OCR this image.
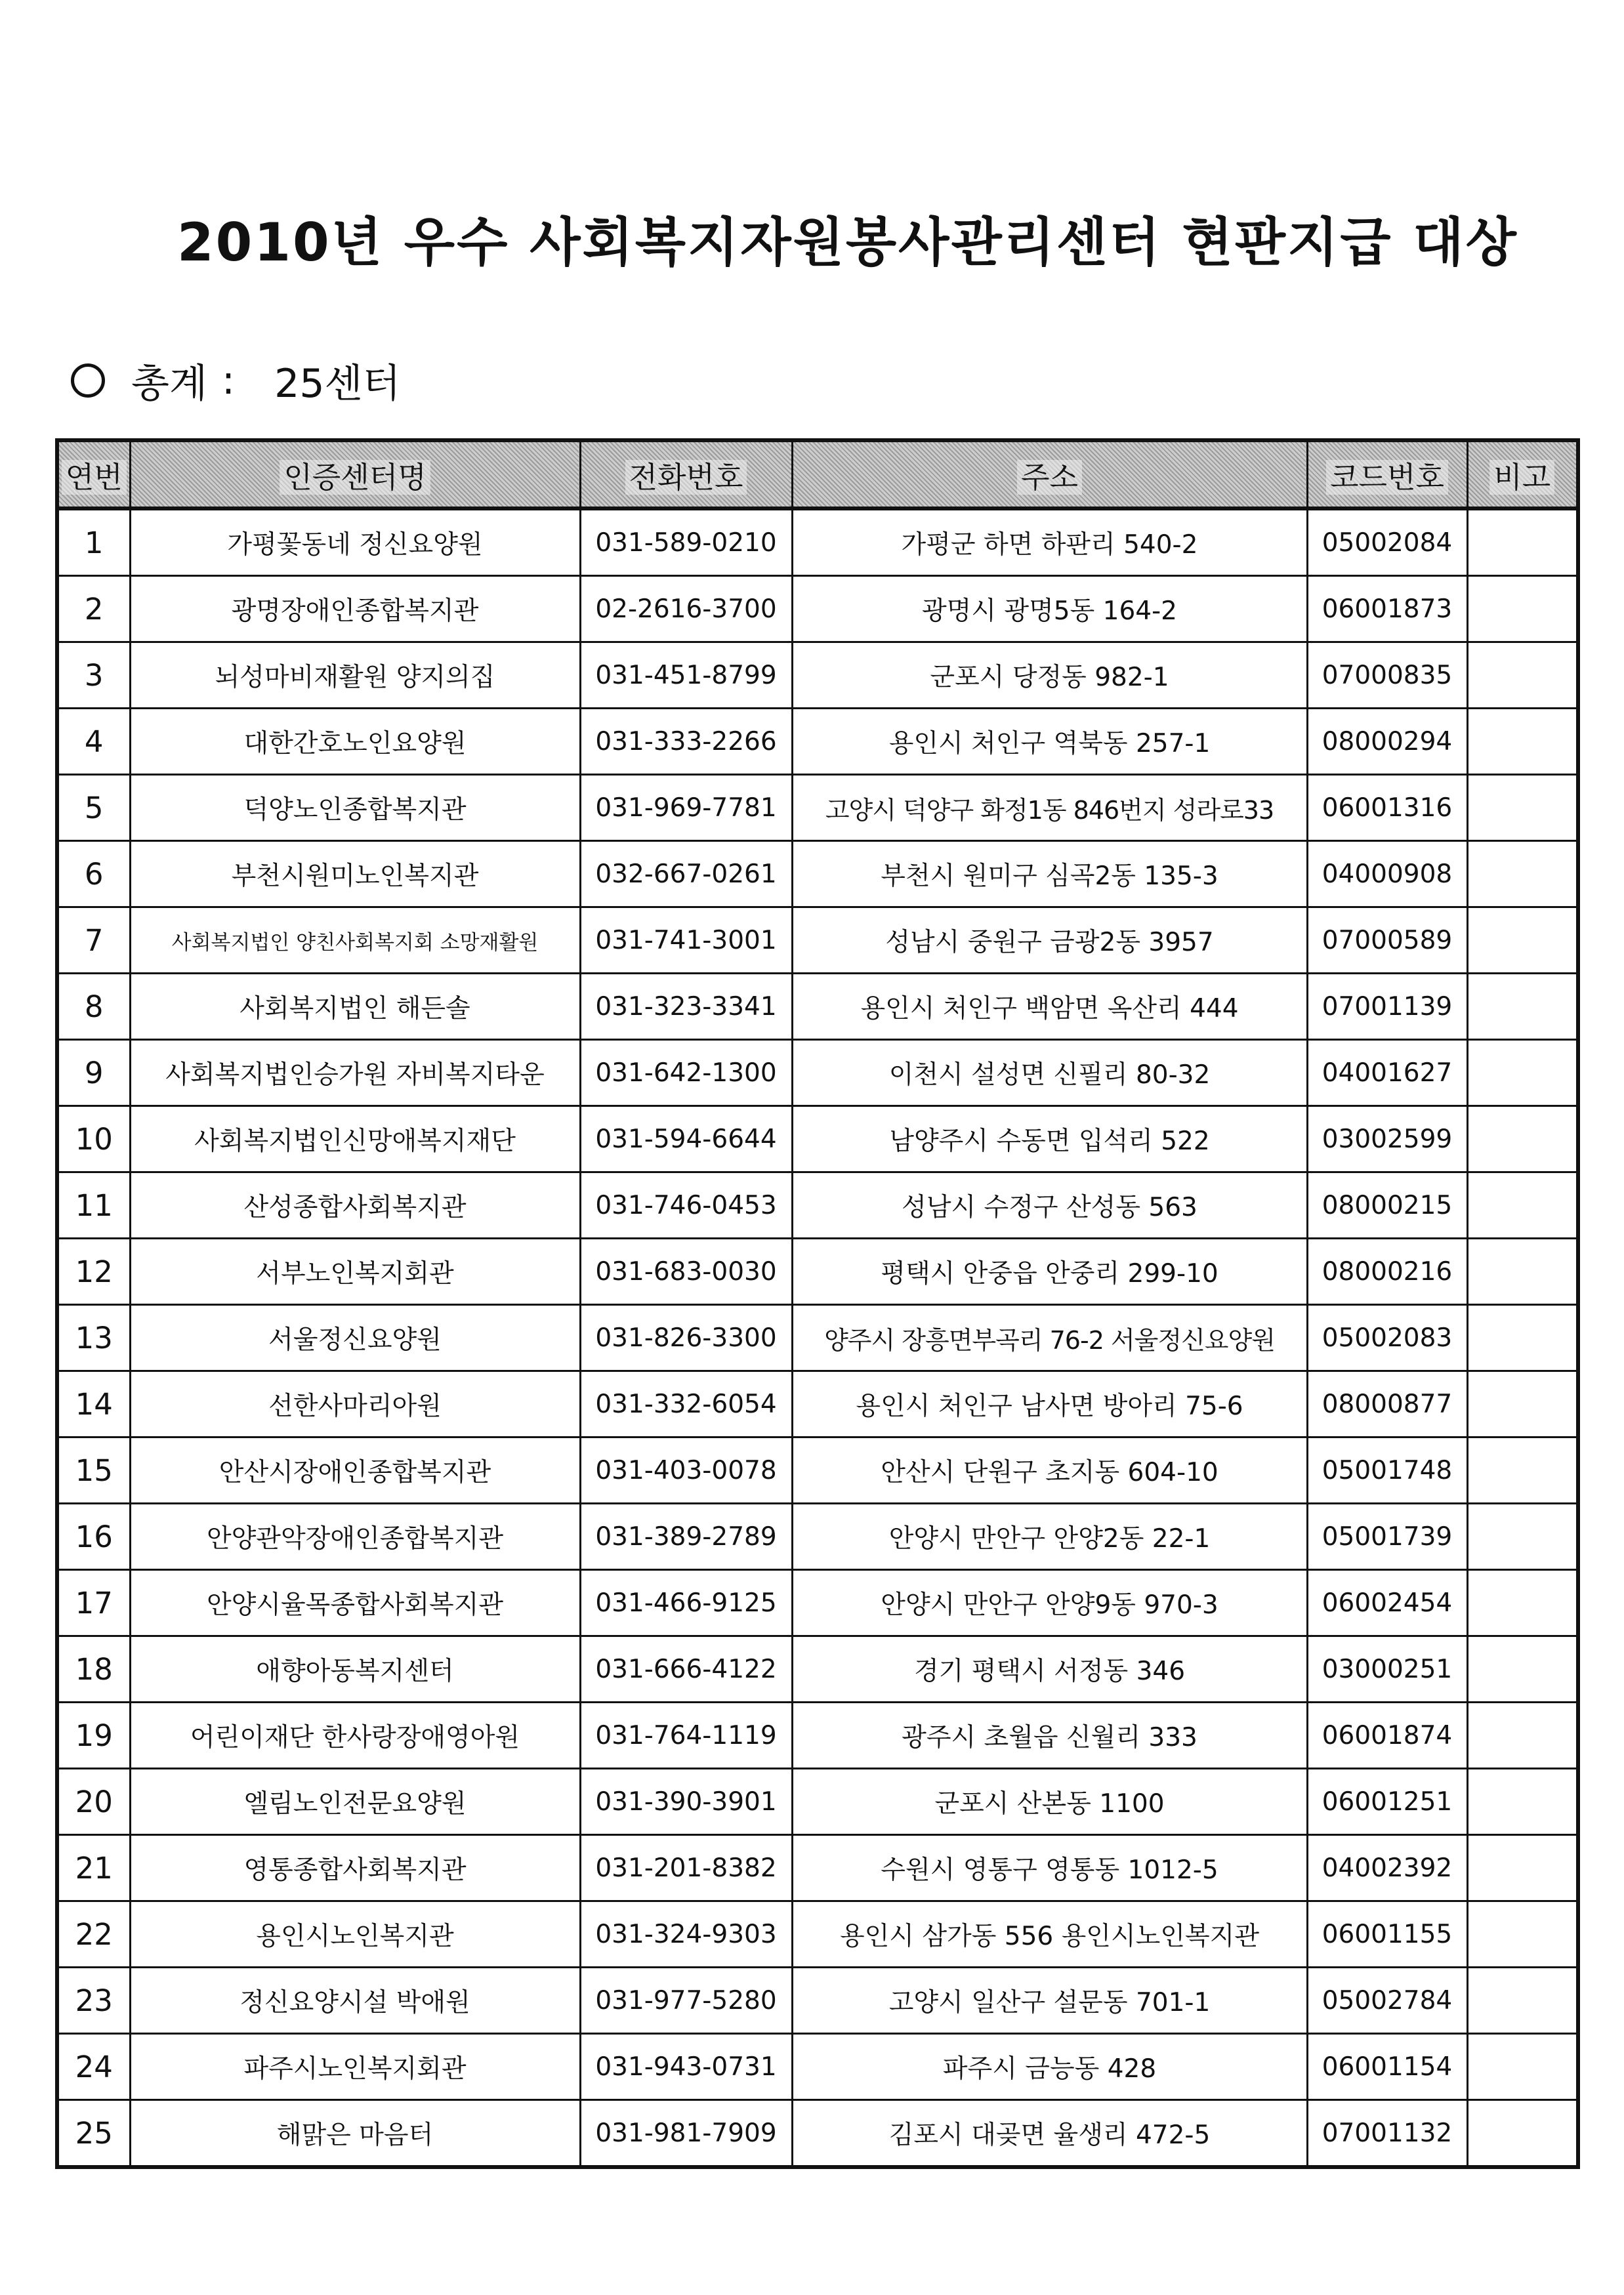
2010년 우수 사회복지자원봉사관리센터 현판지급 대상
총계 : 25센터
연번	인증센터명	전화번호	주소	코드번호	비고
1	가평꽃동네 정신요양원	031-589-0210	가평군 하면 하판리 540-2	05002084	
2	광명장애인종합복지관	02-2616-3700	광명시 광명5동 164-2	06001873	
3	뇌성마비재활원 양지의집	031-451-8799	군포시 당정동 982-1	07000835	
4	대한간호노인요양원	031-333-2266	용인시 처인구 역북동 257-1	08000294	
5	덕양노인종합복지관	031-969-7781	고양시 덕양구 화정1동 846번지 성라로33	06001316	
6	부천시원미노인복지관	032-667-0261	부천시 원미구 심곡2동 135-3	04000908	
7	사회복지법인 양친사회복지회 소망재활원	031-741-3001	성남시 중원구 금광2동 3957	07000589	
8	사회복지법인 해든솔	031-323-3341	용인시 처인구 백암면 옥산리 444	07001139	
9	사회복지법인승가원 자비복지타운	031-642-1300	이천시 설성면 신필리 80-32	04001627	
10	사회복지법인신망애복지재단	031-594-6644	남양주시 수동면 입석리 522	03002599	
11	산성종합사회복지관	031-746-0453	성남시 수정구 산성동 563	08000215	
12	서부노인복지회관	031-683-0030	평택시 안중읍 안중리 299-10	08000216	
13	서울정신요양원	031-826-3300	양주시 장흥면부곡리 76-2 서울정신요양원	05002083	
14	선한사마리아원	031-332-6054	용인시 처인구 남사면 방아리 75-6	08000877	
15	안산시장애인종합복지관	031-403-0078	안산시 단원구 초지동 604-10	05001748	
16	안양관악장애인종합복지관	031-389-2789	안양시 만안구 안양2동 22-1	05001739	
17	안양시율목종합사회복지관	031-466-9125	안양시 만안구 안양9동 970-3	06002454	
18	애향아동복지센터	031-666-4122	경기 평택시 서정동 346	03000251	
19	어린이재단 한사랑장애영아원	031-764-1119	광주시 초월읍 신월리 333	06001874	
20	엘림노인전문요양원	031-390-3901	군포시 산본동 1100	06001251	
21	영통종합사회복지관	031-201-8382	수원시 영통구 영통동 1012-5	04002392	
22	용인시노인복지관	031-324-9303	용인시 삼가동 556 용인시노인복지관	06001155	
23	정신요양시설 박애원	031-977-5280	고양시 일산구 설문동 701-1	05002784	
24	파주시노인복지회관	031-943-0731	파주시 금능동 428	06001154	
25	해맑은 마음터	031-981-7909	김포시 대곶면 율생리 472-5	07001132	
